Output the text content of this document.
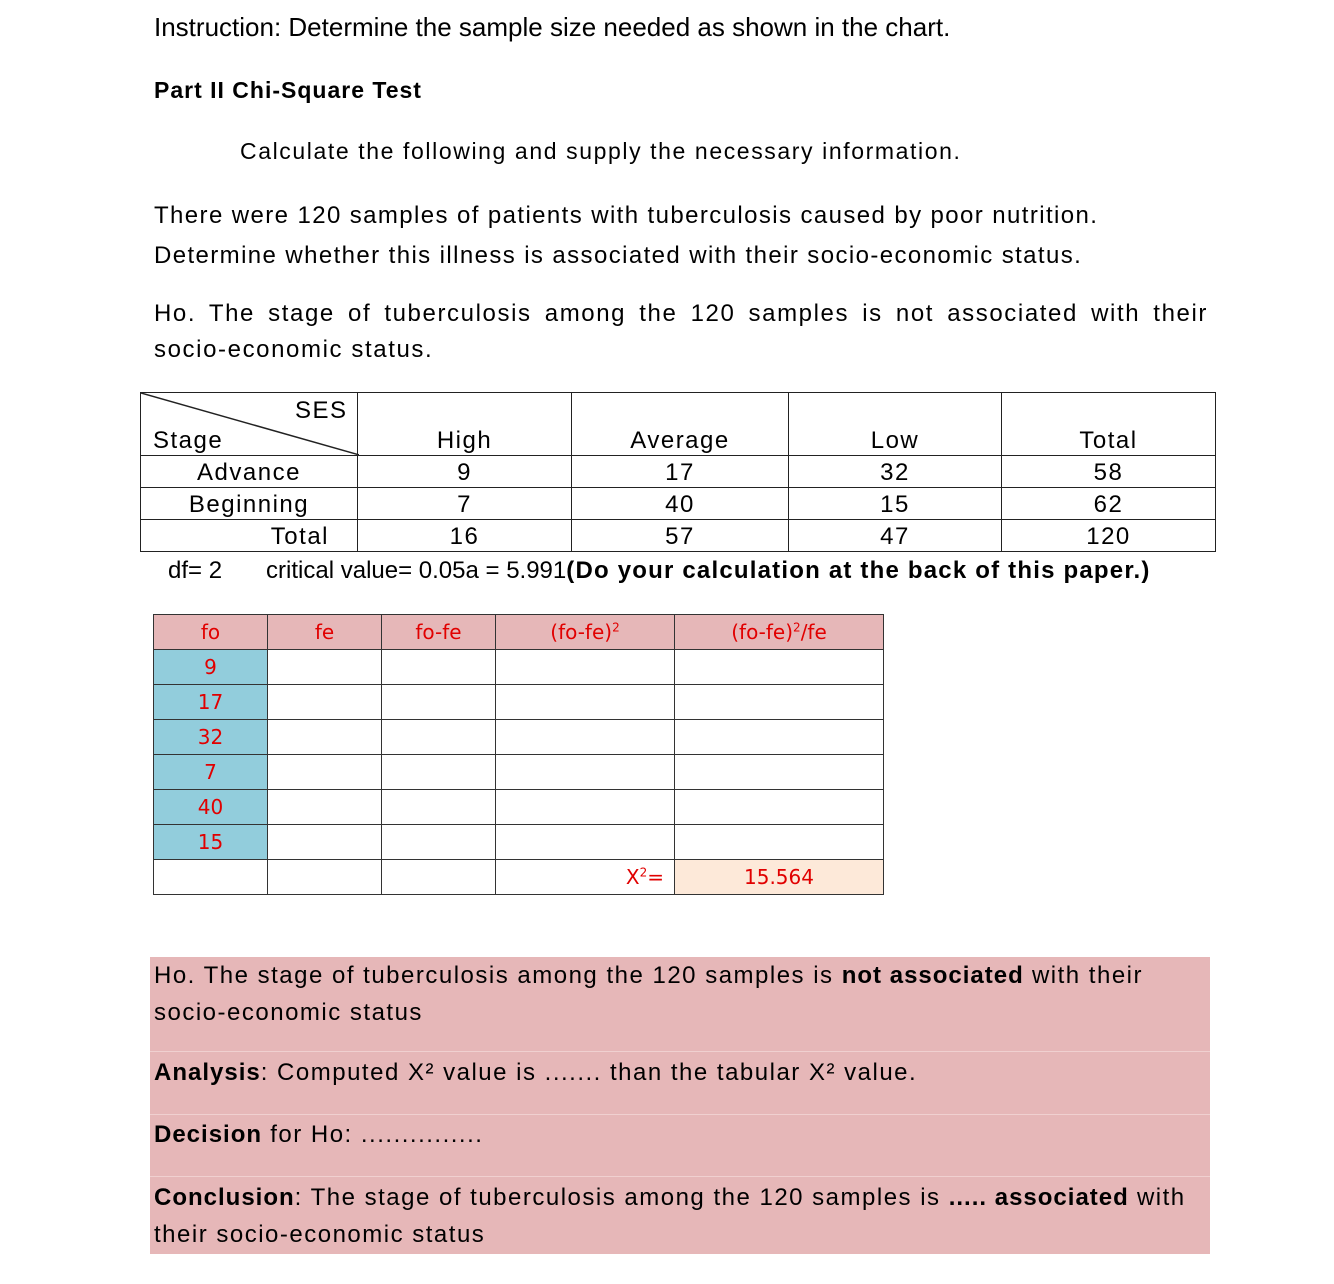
Instruction: Determine the sample size needed as shown in the chart.
Part II Chi-Square Test
Calculate the following and supply the necessary information.
There were 120 samples of patients with tuberculosis caused by poor nutrition. Determine whether this illness is associated with their socio-economic status.
Ho. The stage of tuberculosis among the 120 samples is not associated with their socio-economic status.
SES
Stage	High	Average	Low	Total
Advance	9	17	32	58
Beginning	7	40	15	62
Total	16	57	47	120
df= 2 critical value= 0.05a = 5.991(Do your calculation at the back of this paper.)
fo	fe	fo-fe	$(fo-fe)^2$	$(fo-fe)^2/fe$
9				
17				
32				
7				
40				
15				
			$X^2=$	15.564
Ho. The stage of tuberculosis among the 120 samples is not associated with their socio-economic status
Analysis: Computed X² value is ....... than the tabular X² value.
Decision for Ho: ...............
Conclusion: The stage of tuberculosis among the 120 samples is ..... associated with their socio-economic status
